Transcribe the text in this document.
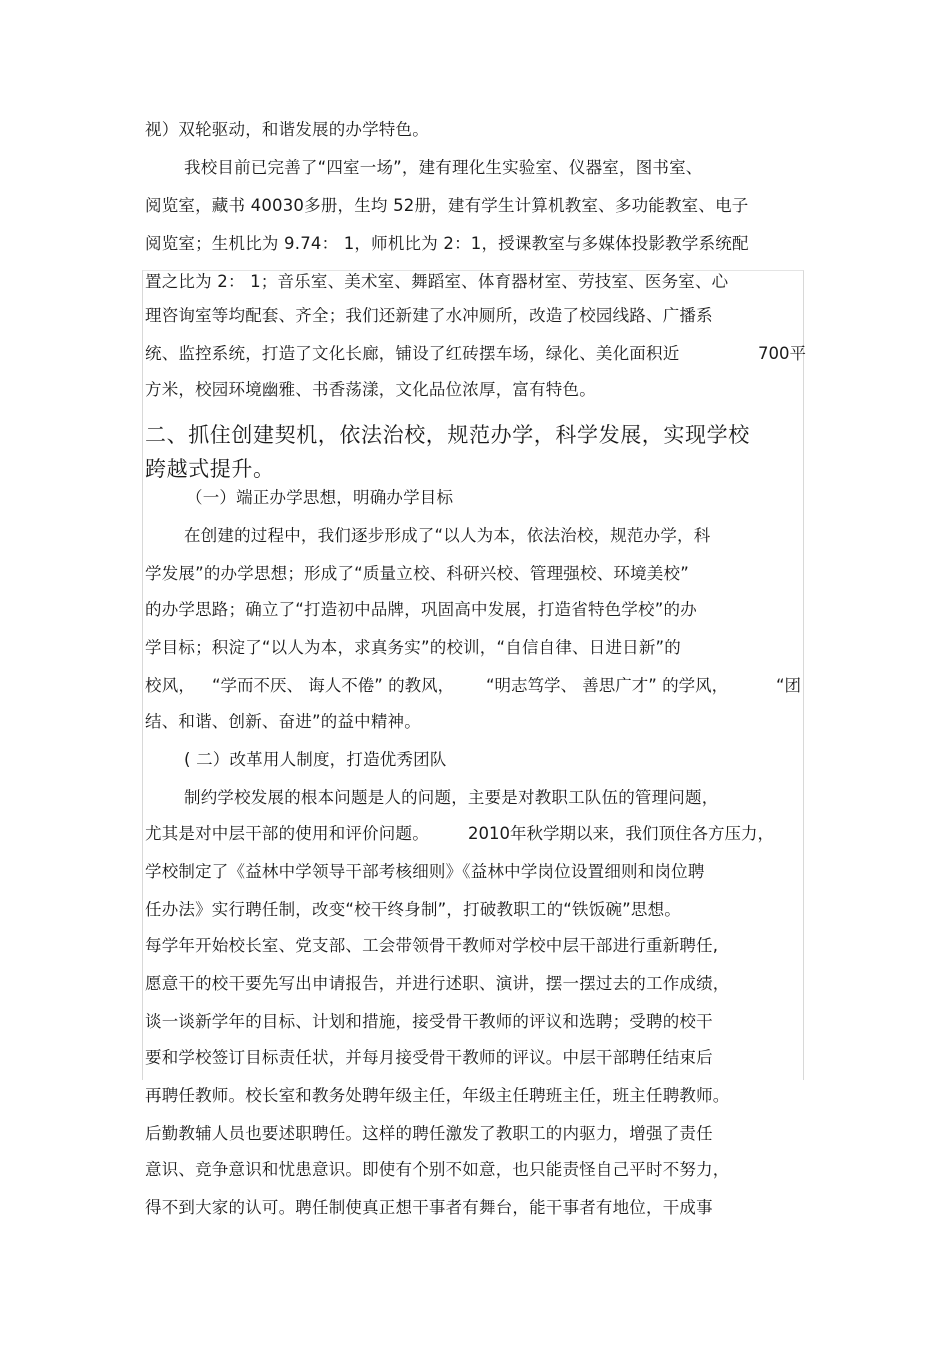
视）双轮驱动，和谐发展的办学特色。
我校目前已完善了“四室一场”，建有理化生实验室、仪器室，图书室、
阅览室，藏书 40030多册，生均 52册，建有学生计算机教室、多功能教室、电子
阅览室；生机比为 9.74： 1，师机比为 2：1，授课教室与多媒体投影教学系统配
置之比为 2： 1；音乐室、美术室、舞蹈室、体育器材室、劳技室、医务室、心
理咨询室等均配套、齐全；我们还新建了水冲厕所，改造了校园线路、广播系
统、监控系统，打造了文化长廊，铺设了红砖摆车场，绿化、美化面积近	700平
方米，校园环境幽雅、书香荡漾，文化品位浓厚，富有特色。
二、抓住创建契机，依法治校，规范办学，科学发展，实现学校
跨越式提升。
（一）端正办学思想，明确办学目标
在创建的过程中，我们逐步形成了“以人为本，依法治校，规范办学，科
学发展”的办学思想；形成了“质量立校、科研兴校、管理强校、环境美校”
的办学思路；确立了“打造初中品牌，巩固高中发展，打造省特色学校”的办
学目标；积淀了“以人为本，求真务实”的校训，“自信自律、日进日新”的
校风， “学而不厌、 诲人不倦” 的教风， “明志笃学、 善思广才” 的学风，	“团
结、和谐、创新、奋进”的益中精神。
( 二）改革用人制度，打造优秀团队
制约学校发展的根本问题是人的问题，主要是对教职工队伍的管理问题，
尤其是对中层干部的使用和评价问题。 2010年秋学期以来，我们顶住各方压力，
学校制定了《益林中学领导干部考核细则》《益林中学岗位设置细则和岗位聘
任办法》实行聘任制，改变“校干终身制”，打破教职工的“铁饭碗”思想。
每学年开始校长室、党支部、工会带领骨干教师对学校中层干部进行重新聘任,
愿意干的校干要先写出申请报告，并进行述职、演讲，摆一摆过去的工作成绩，
谈一谈新学年的目标、计划和措施，接受骨干教师的评议和选聘；受聘的校干
要和学校签订目标责任状，并每月接受骨干教师的评议。中层干部聘任结束后
再聘任教师。校长室和教务处聘年级主任，年级主任聘班主任，班主任聘教师。
后勤教辅人员也要述职聘任。这样的聘任激发了教职工的内驱力，增强了责任
意识、竞争意识和忧患意识。即使有个别不如意，也只能责怪自己平时不努力，
得不到大家的认可。聘任制使真正想干事者有舞台，能干事者有地位，干成事
